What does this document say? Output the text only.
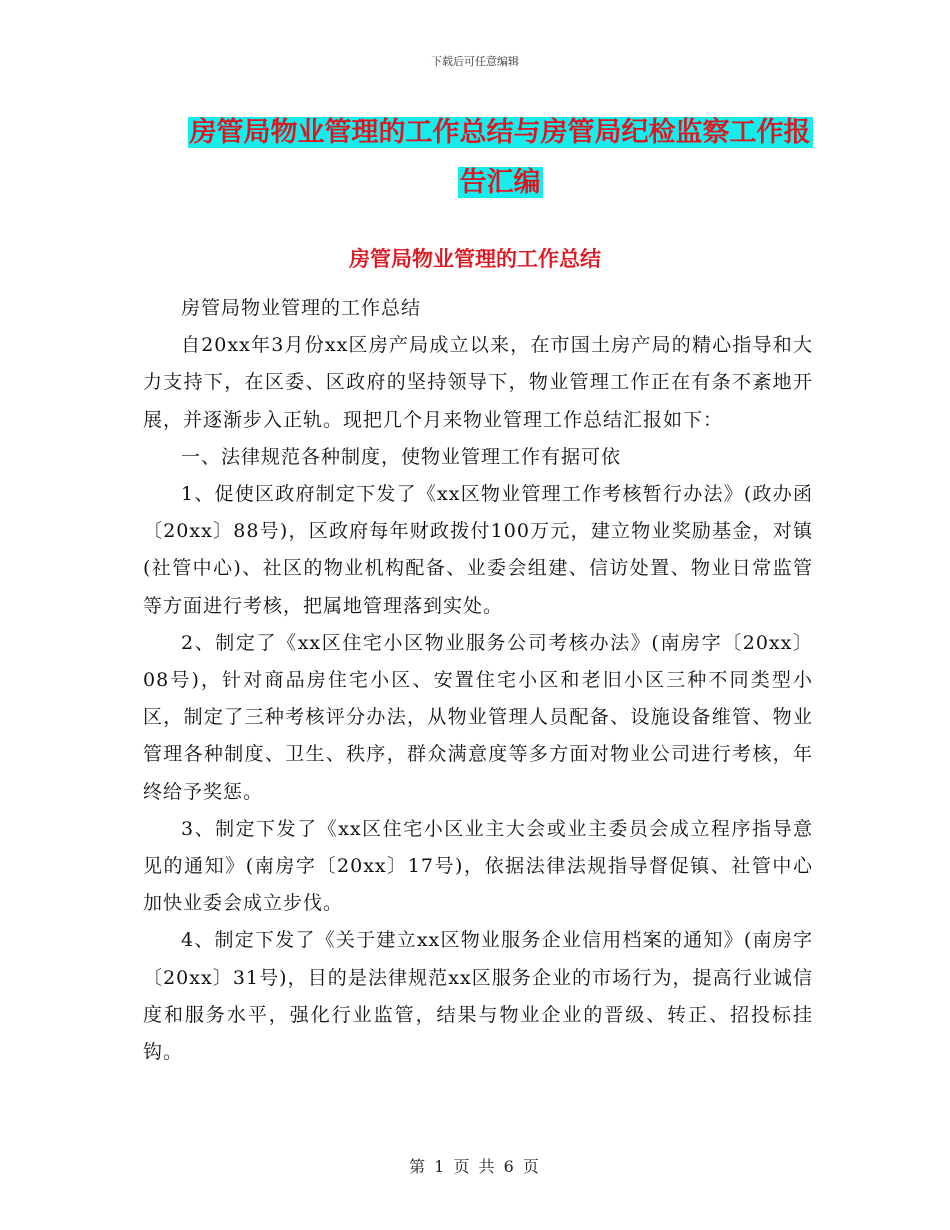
下载后可任意编辑
房管局物业管理的工作总结与房管局纪检监察工作报
告汇编
房管局物业管理的工作总结

房管局物业管理的工作总结

自20xx年3月份xx区房产局成立以来，在市国土房产局的精心指导和大力支持下，在区委、区政府的坚持领导下，物业管理工作正在有条不紊地开展，并逐渐步入正轨。现把几个月来物业管理工作总结汇报如下：

一、法律规范各种制度，使物业管理工作有据可依

1、促使区政府制定下发了《xx区物业管理工作考核暂行办法》(政办函〔20xx〕88号)，区政府每年财政拨付100万元，建立物业奖励基金，对镇(社管中心)、社区的物业机构配备、业委会组建、信访处置、物业日常监管等方面进行考核，把属地管理落到实处。

2、制定了《xx区住宅小区物业服务公司考核办法》(南房字〔20xx〕08号)，针对商品房住宅小区、安置住宅小区和老旧小区三种不同类型小区，制定了三种考核评分办法，从物业管理人员配备、设施设备维管、物业管理各种制度、卫生、秩序，群众满意度等多方面对物业公司进行考核，年终给予奖惩。

3、制定下发了《xx区住宅小区业主大会或业主委员会成立程序指导意见的通知》(南房字〔20xx〕17号)，依据法律法规指导督促镇、社管中心加快业委会成立步伐。

4、制定下发了《关于建立xx区物业服务企业信用档案的通知》(南房字〔20xx〕31号)，目的是法律规范xx区服务企业的市场行为，提高行业诚信度和服务水平，强化行业监管，结果与物业企业的晋级、转正、招投标挂钩。

第 1 页 共 6 页
